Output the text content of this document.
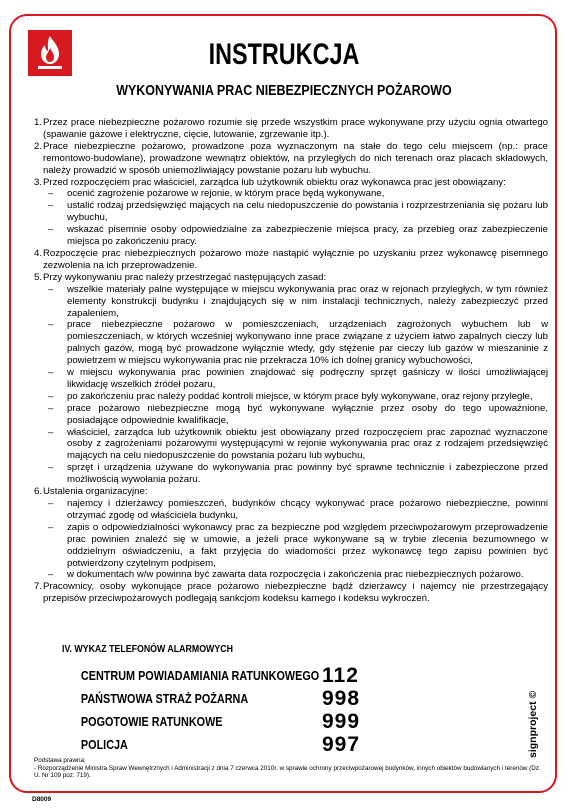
INSTRUKCJA
WYKONYWANIA PRAC NIEBEZPIECZNYCH POŻAROWO
1. Przez prace niebezpieczne pożarowo rozumie się przede wszystkim prace wykonywane przy użyciu ognia otwartego (spawanie gazowe i elektryczne, cięcie, lutowanie, zgrzewanie itp.).
2. Prace niebezpieczne pożarowo, prowadzone poza wyznaczonym na stałe do tego celu miejscem (np.: prace remontowo-budowlane), prowadzone wewnątrz obiektów, na przyległych do nich terenach oraz placach składowych, należy prowadzić w sposób uniemożliwiający powstanie pożaru lub wybuchu.
3. Przed rozpoczęciem prac właściciel, zarządca lub użytkownik obiektu oraz wykonawca prac jest obowiązany:
–	ocenić zagrożenie pożarowe w rejonie, w którym prace będą wykonywane,
–	ustalić rodzaj przedsięwzięć mających na celu niedopuszczenie do powstania i rozprzestrzeniania się pożaru lub wybuchu,
–	wskazać pisemnie osoby odpowiedzialne za zabezpieczenie miejsca pracy, za przebieg oraz zabezpieczenie miejsca po zakończeniu pracy.
4. Rozpoczęcie prac niebezpiecznych pożarowo może nastąpić wyłącznie po uzyskaniu przez wykonawcę pisemnego zezwolenia na ich przeprowadzenie.
5. Przy wykonywaniu prac należy przestrzegać następujących zasad:
–	wszelkie materiały palne występujące w miejscu wykonywania prac oraz w rejonach przyległych, w tym również elementy konstrukcji budynku i znajdujących się w nim instalacji technicznych, należy zabezpieczyć przed zapaleniem,
–	prace niebezpieczne pożarowo w pomieszczeniach, urządzeniach zagrożonych wybuchem lub w pomieszczeniach, w których wcześniej wykonywano inne prace związane z użyciem łatwo zapalnych cieczy lub palnych gazów, mogą być prowadzone wyłącznie wtedy, gdy stężenie par cieczy lub gazów w mieszaninie z powietrzem w miejscu wykonywania prac nie przekracza 10% ich dolnej granicy wybuchowości,
–	w miejscu wykonywania prac powinien znajdować się podręczny sprzęt gaśniczy w ilości umożliwiającej likwidację wszelkich źródeł pożaru,
–	po zakończeniu prac należy poddać kontroli miejsce, w którym prace były wykonywane, oraz rejony przyległe,
–	prace pożarowo niebezpieczne mogą być wykonywane wyłącznie przez osoby do tego upoważnione, posiadające odpowiednie kwalifikacje,
–	właściciel, zarządca lub użytkownik obiektu jest obowiązany przed rozpoczęciem prac zapoznać wyznaczone osoby z zagrożeniami pożarowymi występującymi w rejonie wykonywania prac oraz z rodzajem przedsięwzięć mających na celu niedopuszczenie do powstania pożaru lub wybuchu,
–	sprzęt i urządzenia używane do wykonywania prac powinny być sprawne technicznie i zabezpieczone przed możliwością wywołania pożaru.
6. Ustalenia organizacyjne:
–	najemcy i dzierżawcy pomieszczeń, budynków chcący wykonywać prace pożarowo niebezpieczne, powinni otrzymać zgodę od właściciela budynku,
–	zapis o odpowiedzialności wykonawcy prac za bezpieczne pod względem przeciwpożarowym przeprowadzenie prac powinien znaleźć się w umowie, a jeżeli prace wykonywane są w trybie zlecenia bezumownego w oddzielnym oświadczeniu, a fakt przyjęcia do wiadomości przez wykonawcę tego zapisu powinien być potwierdzony czytelnym podpisem,
–	w dokumentach w/w powinna być zawarta data rozpoczęcia i zakończenia prac niebezpiecznych pożarowo.
7. Pracownicy, osoby wykonujące prace pożarowo niebezpieczne bądź dzierżawcy i najemcy nie przestrzegający przepisów przeciwpożarowych podlegają sankcjom kodeksu karnego i kodeksu wykroczeń.
IV. WYKAZ TELEFONÓW ALARMOWYCH
CENTRUM POWIADAMIANIA RATUNKOWEGO 112
PAŃSTWOWA STRAŻ POŻARNA	998
POGOTOWIE RATUNKOWE	999
POLICJA	997
Podstawa prawna:
- Rozporządzenie Ministra Spraw Wewnętrznych i Administracji z dnia 7 czerwca 2010r. w sprawie ochrony przeciwpożarowej budynków, innych obiektów budowlanych i terenów (Dz. U. Nr 109 poz. 719).
D8009
signproject ©
